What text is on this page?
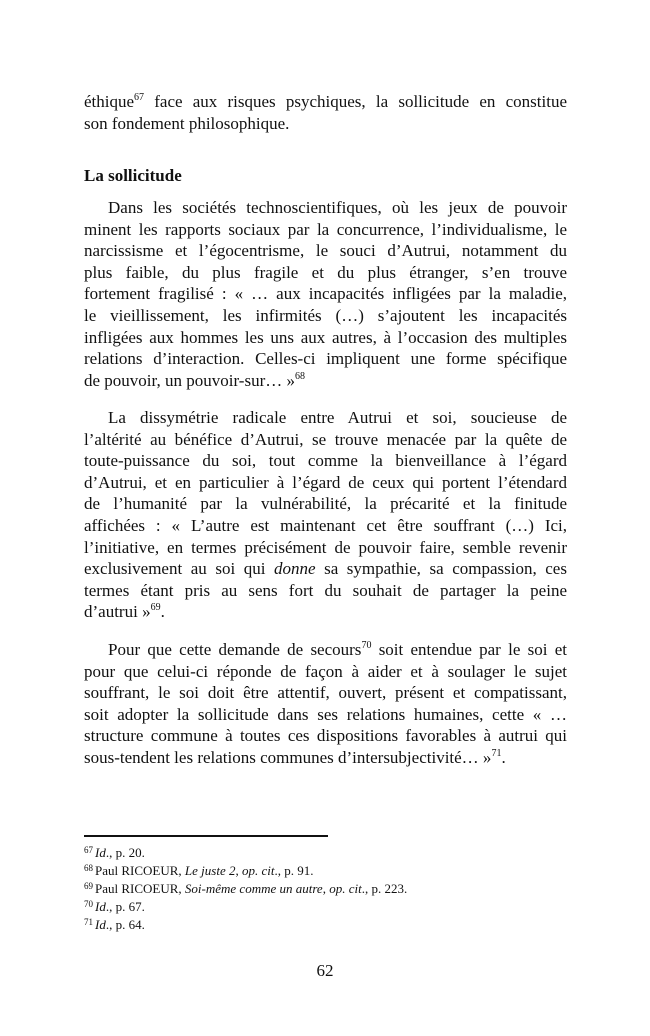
éthique$^{67}$ face aux risques psychiques, la sollicitude en constitue
son fondement philosophique.
La sollicitude
Dans les sociétés technoscientifiques, où les jeux de pouvoir
minent les rapports sociaux par la concurrence, l’individualisme, le
narcissisme et l’égocentrisme, le souci d’Autrui, notamment du
plus faible, du plus fragile et du plus étranger, s’en trouve
fortement fragilisé : « … aux incapacités infligées par la maladie,
le vieillissement, les infirmités (…) s’ajoutent les incapacités
infligées aux hommes les uns aux autres, à l’occasion des multiples
relations d’interaction. Celles-ci impliquent une forme spécifique
de pouvoir, un pouvoir-sur… »$^{68}$
La dissymétrie radicale entre Autrui et soi, soucieuse de
l’altérité au bénéfice d’Autrui, se trouve menacée par la quête de
toute-puissance du soi, tout comme la bienveillance à l’égard
d’Autrui, et en particulier à l’égard de ceux qui portent l’étendard
de l’humanité par la vulnérabilité, la précarité et la finitude
affichées : « L’autre est maintenant cet être souffrant (…) Ici,
l’initiative, en termes précisément de pouvoir faire, semble revenir
exclusivement au soi qui donne sa sympathie, sa compassion, ces
termes étant pris au sens fort du souhait de partager la peine
d’autrui »$^{69}$.
Pour que cette demande de secours$^{70}$ soit entendue par le soi et
pour que celui-ci réponde de façon à aider et à soulager le sujet
souffrant, le soi doit être attentif, ouvert, présent et compatissant,
soit adopter la sollicitude dans ses relations humaines, cette « …
structure commune à toutes ces dispositions favorables à autrui qui
sous-tendent les relations communes d’intersubjectivité… »$^{71}$.
$^{67}$ Id., p. 20.
$^{68}$ Paul RICOEUR, Le juste 2, op. cit., p. 91.
$^{69}$ Paul RICOEUR, Soi-même comme un autre, op. cit., p. 223.
$^{70}$ Id., p. 67.
$^{71}$ Id., p. 64.
62
